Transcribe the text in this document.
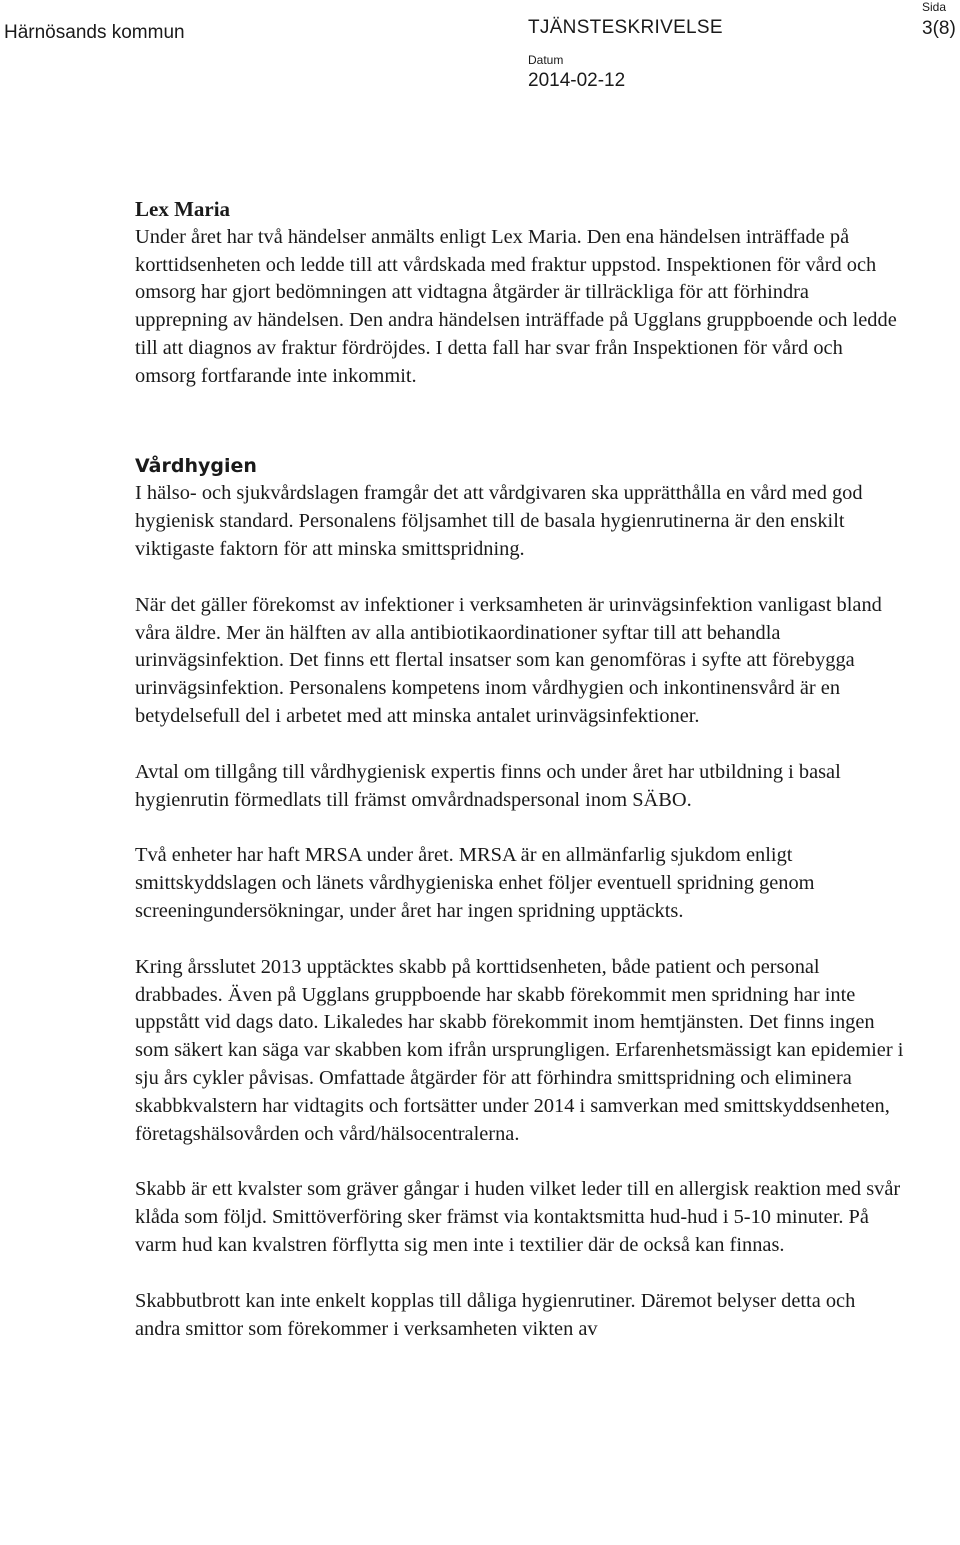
Härnösands kommun	TJÄNSTESKRIVELSE
Datum
2014-02-12
Sida
3(8)
Lex Maria

Under året har två händelser anmälts enligt Lex Maria. Den ena händelsen inträffade på korttidsenheten och ledde till att vårdskada med fraktur uppstod. Inspektionen för vård och omsorg har gjort bedömningen att vidtagna åtgärder är tillräckliga för att förhindra upprepning av händelsen. Den andra händelsen inträffade på Ugglans gruppboende och ledde till att diagnos av fraktur fördröjdes. I detta fall har svar från Inspektionen för vård och omsorg fortfarande inte inkommit.

Vårdhygien

I hälso- och sjukvårdslagen framgår det att vårdgivaren ska upprätthålla en vård med god hygienisk standard. Personalens följsamhet till de basala hygienrutinerna är den enskilt viktigaste faktorn för att minska smittspridning.

När det gäller förekomst av infektioner i verksamheten är urinvägsinfektion vanligast bland våra äldre. Mer än hälften av alla antibiotikaordinationer syftar till att behandla urinvägsinfektion. Det finns ett flertal insatser som kan genomföras i syfte att förebygga urinvägsinfektion. Personalens kompetens inom vårdhygien och inkontinensvård är en betydelsefull del i arbetet med att minska antalet urinvägsinfektioner.

Avtal om tillgång till vårdhygienisk expertis finns och under året har utbildning i basal hygienrutin förmedlats till främst omvårdnadspersonal inom SÄBO.

Två enheter har haft MRSA under året. MRSA är en allmänfarlig sjukdom enligt smittskyddslagen och länets vårdhygieniska enhet följer eventuell spridning genom screeningundersökningar, under året har ingen spridning upptäckts.

Kring årsslutet 2013 upptäcktes skabb på korttidsenheten, både patient och personal drabbades. Även på Ugglans gruppboende har skabb förekommit men spridning har inte uppstått vid dags dato. Likaledes har skabb förekommit inom hemtjänsten. Det finns ingen som säkert kan säga var skabben kom ifrån ursprungligen. Erfarenhetsmässigt kan epidemier i sju års cykler påvisas. Omfattade åtgärder för att förhindra smittspridning och eliminera skabbkvalstern har vidtagits och fortsätter under 2014 i samverkan med smittskyddsenheten, företagshälsovården och vård/hälsocentralerna.

Skabb är ett kvalster som gräver gångar i huden vilket leder till en allergisk reaktion med svår klåda som följd. Smittöverföring sker främst via kontaktsmitta hud-hud i 5-10 minuter. På varm hud kan kvalstren förflytta sig men inte i textilier där de också kan finnas.

Skabbutbrott kan inte enkelt kopplas till dåliga hygienrutiner. Däremot belyser detta och andra smittor som förekommer i verksamheten vikten av
